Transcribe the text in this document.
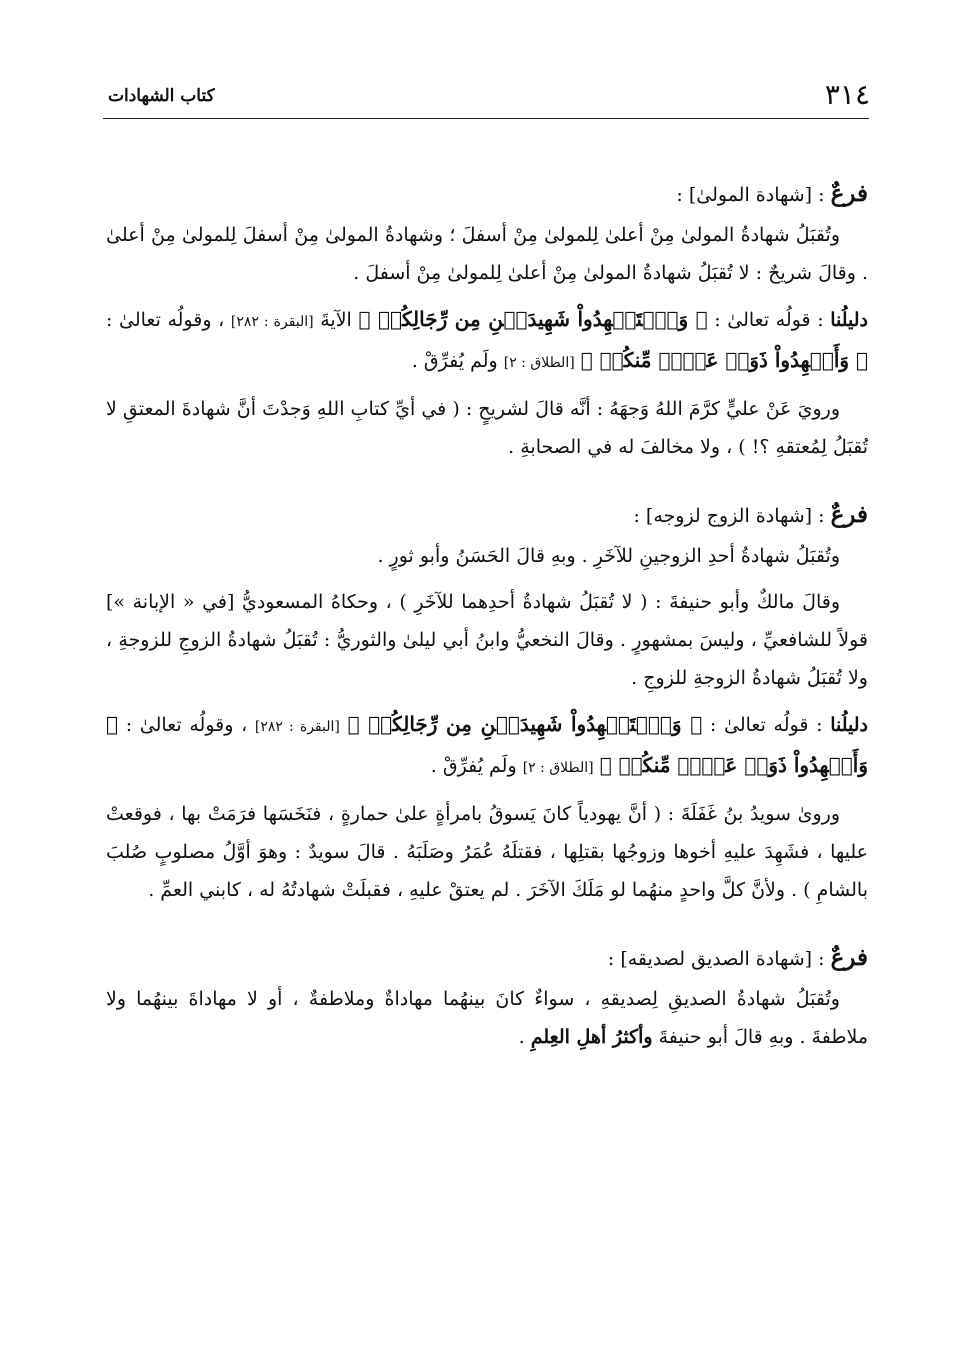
٣١٤
كتاب الشهادات
فرعٌ : [شهادة المولىٰ] :

وتُقبَلُ شهادةُ المولىٰ مِنْ أعلىٰ لِلمولىٰ مِنْ أسفلَ ؛ وشهادةُ المولىٰ مِنْ أسفلَ لِلمولىٰ مِنْ أعلىٰ . وقالَ شريحٌ : لا تُقبَلُ شهادةُ المولىٰ مِنْ أعلىٰ لِلمولىٰ مِنْ أسفلَ .

دليلُنا : قولُه تعالىٰ : ﴿ وَٱسۡتَشۡهِدُواْ شَهِيدَيۡنِ مِن رِّجَالِكُمۡ ﴾ الآيةَ [البقرة : ٢٨٢] ، وقولُه تعالىٰ : ﴿ وَأَشۡهِدُواْ ذَوَيۡ عَدۡلٖ مِّنكُمۡ ﴾ [الطلاق : ٢] ولَم يُفرِّقْ .

ورويَ عَنْ عليٍّ كرَّمَ اللهُ وَجهَهُ : أنَّه قالَ لشريحٍ : ( في أيِّ كتابِ اللهِ وَجدْتَ أنَّ شهادةَ المعتقِ لا تُقبَلُ لِمُعتقهِ ؟! ) ، ولا مخالفَ له في الصحابةِ .

فرعٌ : [شهادة الزوج لزوجه] :

وتُقبَلُ شهادةُ أحدِ الزوجينِ للآخَرِ . وبهِ قالَ الحَسَنُ وأبو ثورٍ .

وقالَ مالكٌ وأبو حنيفةَ : ( لا تُقبَلُ شهادةُ أحدِهما للآخَرِ ) ، وحكاهُ المسعوديُّ [في « الإبانة »] قولاً للشافعيِّ ، وليسَ بمشهورٍ . وقالَ النخعيُّ وابنُ أبي ليلىٰ والثوريُّ : تُقبَلُ شهادةُ الزوجِ للزوجةِ ، ولا تُقبَلُ شهادةُ الزوجةِ للزوجِ .

دليلُنا : قولُه تعالىٰ : ﴿ وَٱسۡتَشۡهِدُواْ شَهِيدَيۡنِ مِن رِّجَالِكُمۡ ﴾ [البقرة : ٢٨٢] ، وقولُه تعالىٰ : ﴿ وَأَشۡهِدُواْ ذَوَيۡ عَدۡلٖ مِّنكُمۡ ﴾ [الطلاق : ٢] ولَم يُفرِّقْ .

وروىٰ سويدُ بنُ غَفَلَةَ : ( أنَّ يهودياً كانَ يَسوقُ بامرأةٍ علىٰ حمارةٍ ، فنَخَسَها فرَمَتْ بها ، فوقعتْ عليها ، فشَهِدَ عليهِ أخوها وزوجُها بقتلِها ، فقتلَهُ عُمَرُ وصَلَبَهُ . قالَ سويدٌ : وهوَ أوَّلُ مصلوبٍ صُلبَ بالشامِ ) . ولأنَّ كلَّ واحدٍ منهُما لو مَلَكَ الآخَرَ . لم يعتقْ عليهِ ، فقبلَتْ شهادتُهُ له ، كابني العمِّ .

فرعٌ : [شهادة الصديق لصديقه] :

وتُقبَلُ شهادةُ الصديقِ لِصديقهِ ، سواءٌ كانَ بينهُما مهاداةٌ وملاطفةٌ ، أو لا مهاداةَ بينهُما ولا ملاطفةَ . وبهِ قالَ أبو حنيفةَ وأكثرُ أهلِ العِلمِ .
